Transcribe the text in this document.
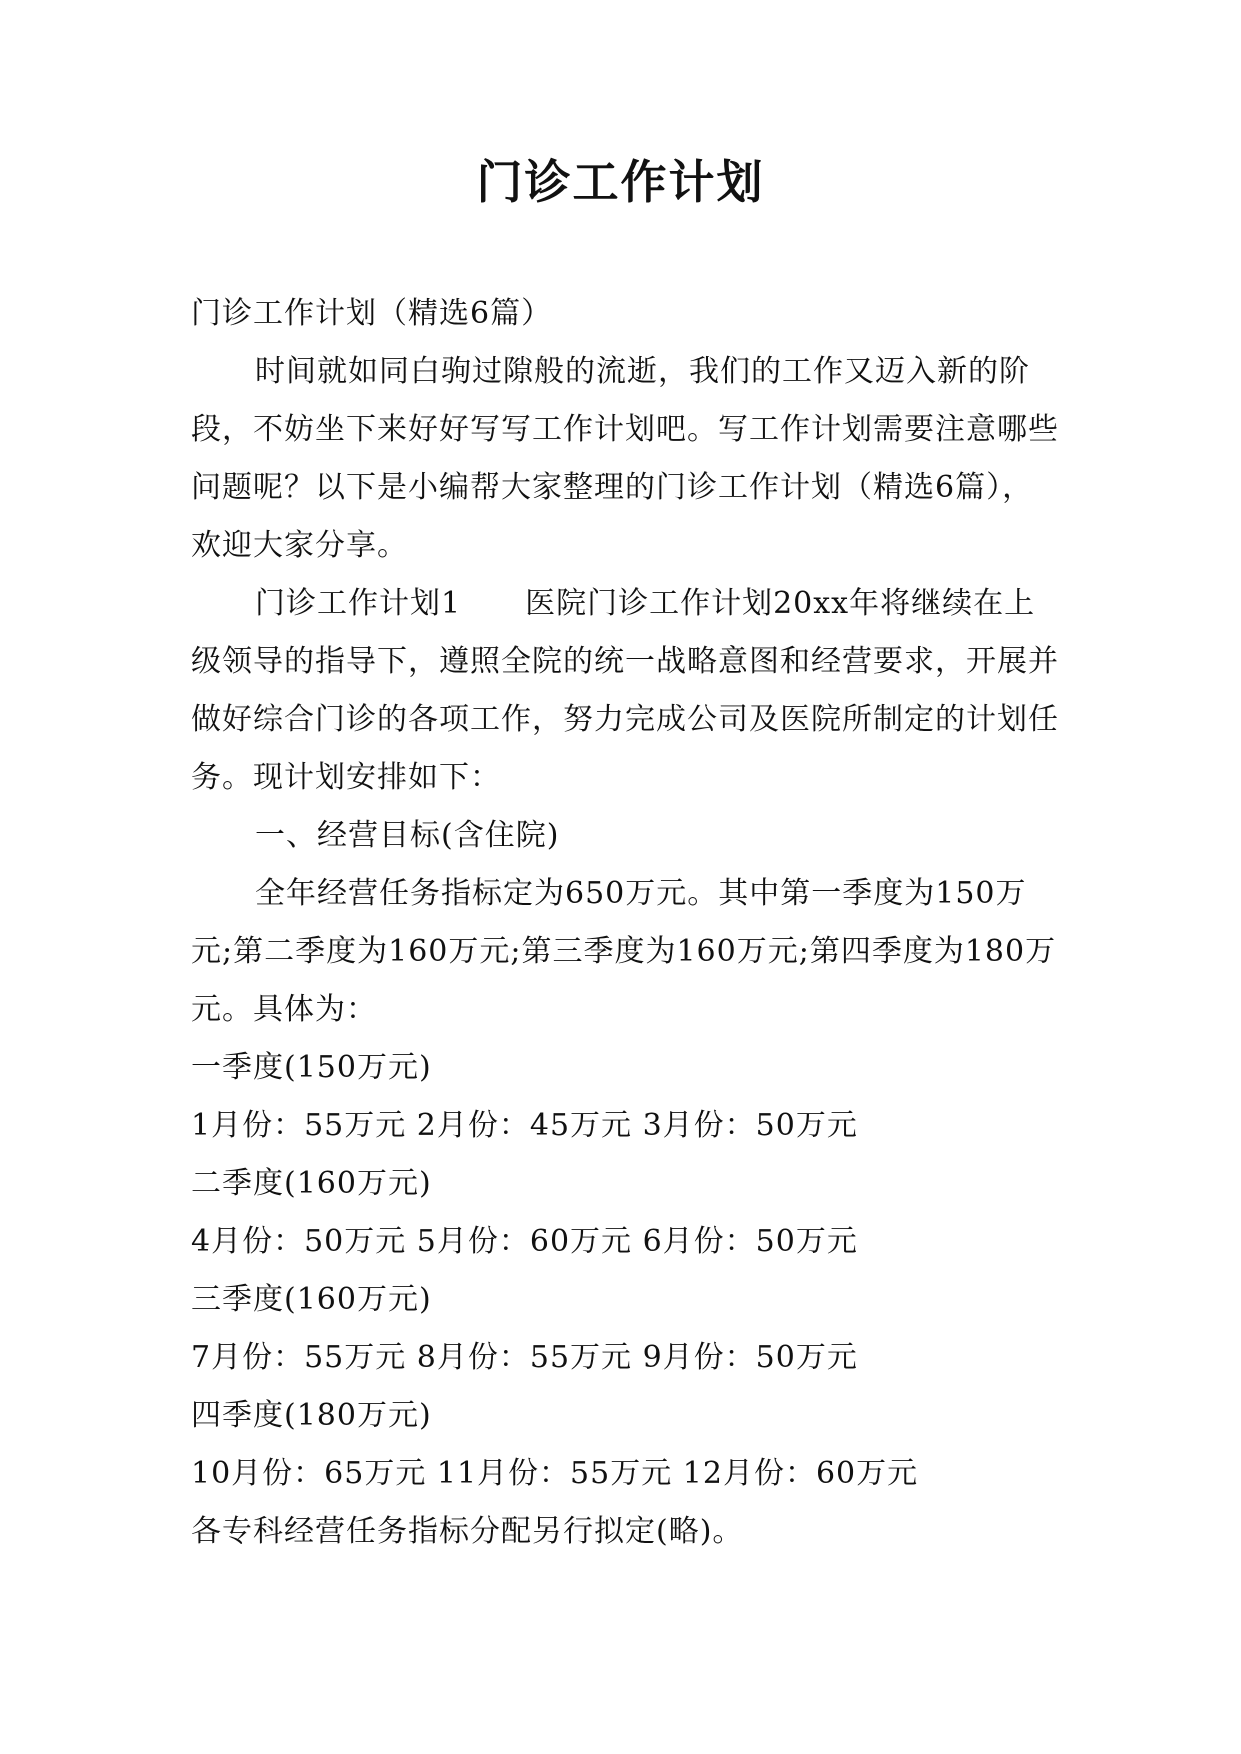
门诊工作计划

门诊工作计划（精选6篇）

时间就如同白驹过隙般的流逝，我们的工作又迈入新的阶段，不妨坐下来好好写写工作计划吧。写工作计划需要注意哪些问题呢？以下是小编帮大家整理的门诊工作计划（精选6篇），欢迎大家分享。

门诊工作计划1 医院门诊工作计划20xx年将继续在上级领导的指导下，遵照全院的统一战略意图和经营要求，开展并做好综合门诊的各项工作，努力完成公司及医院所制定的计划任务。现计划安排如下：

一、经营目标(含住院)

全年经营任务指标定为650万元。其中第一季度为150万元;第二季度为160万元;第三季度为160万元;第四季度为180万元。具体为：

一季度(150万元)

1月份：55万元 2月份：45万元 3月份：50万元

二季度(160万元)

4月份：50万元 5月份：60万元 6月份：50万元

三季度(160万元)

7月份：55万元 8月份：55万元 9月份：50万元

四季度(180万元)

10月份：65万元 11月份：55万元 12月份：60万元

各专科经营任务指标分配另行拟定(略)。
